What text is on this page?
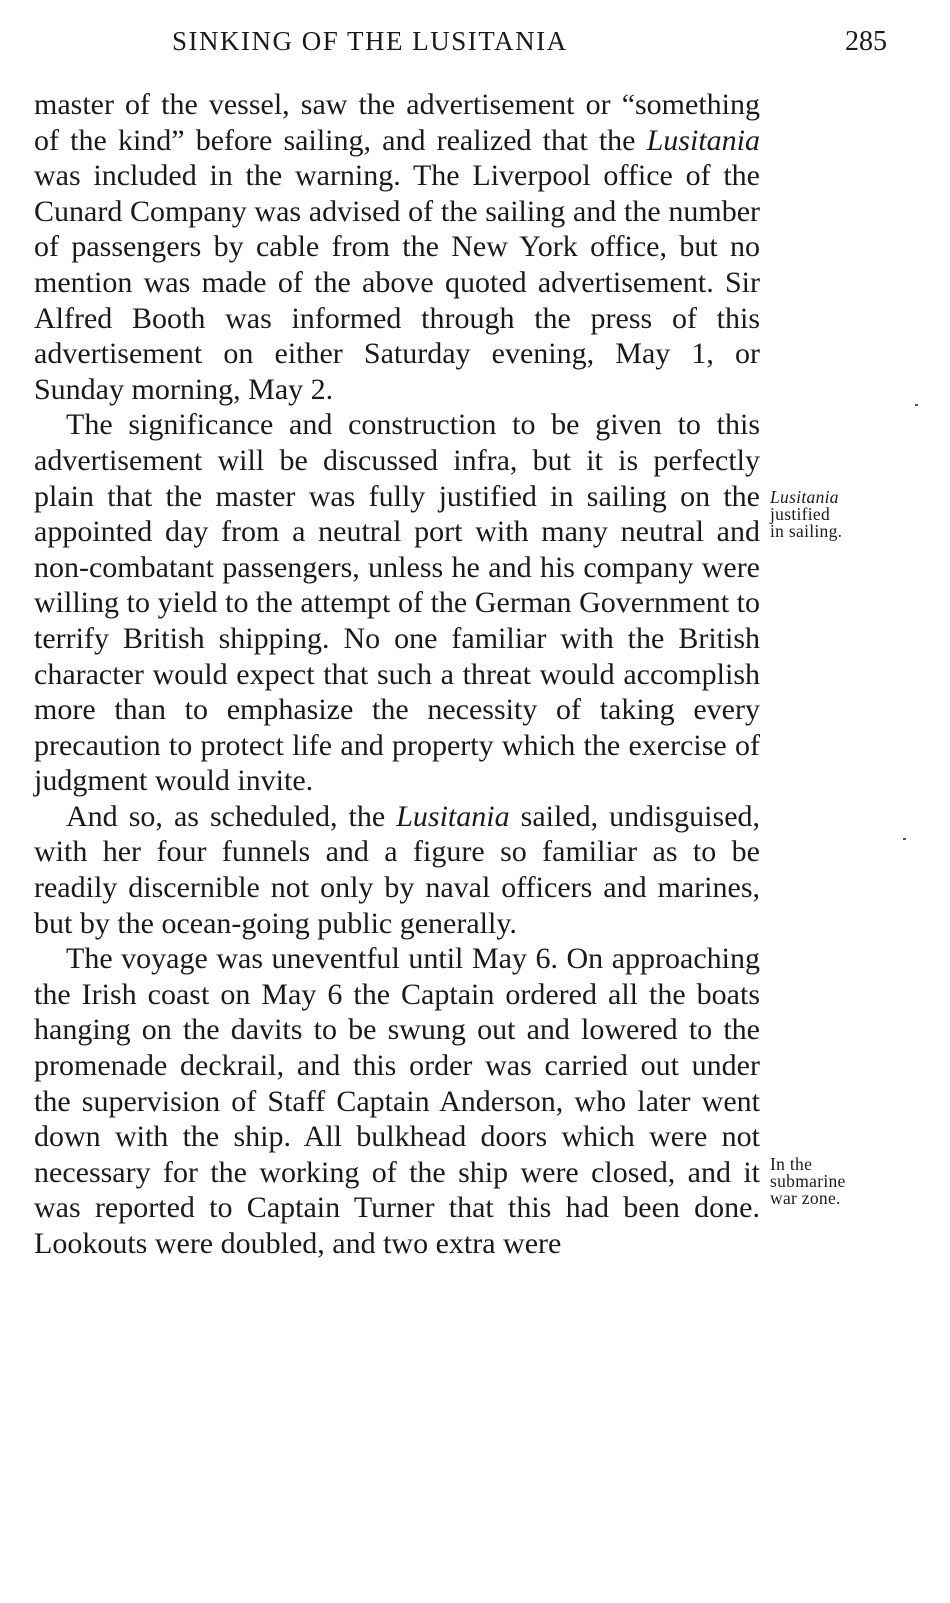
SINKING OF THE LUSITANIA	285

master of the vessel, saw the advertisement or “something of the kind” before sailing, and realized that the Lusitania was included in the warning. The Liverpool office of the Cunard Company was advised of the sailing and the number of passengers by cable from the New York office, but no mention was made of the above quoted advertisement. Sir Alfred Booth was informed through the press of this advertisement on either Saturday evening, May 1, or Sunday morning, May 2.

The significance and construction to be given to this advertisement will be discussed infra, but it is perfectly plain that the master was fully justified in sailing on the appointed day from a neutral port with many neutral and non-combatant passengers, unless he and his company were willing to yield to the attempt of the German Government to terrify British shipping. No one familiar with the British character would expect that such a threat would accomplish more than to emphasize the necessity of taking every precaution to protect life and property which the exercise of judgment would invite.

And so, as scheduled, the Lusitania sailed, undisguised, with her four funnels and a figure so familiar as to be readily discernible not only by naval officers and marines, but by the ocean-going public generally.

The voyage was uneventful until May 6. On approaching the Irish coast on May 6 the Captain ordered all the boats hanging on the davits to be swung out and lowered to the promenade deckrail, and this order was carried out under the supervision of Staff Captain Anderson, who later went down with the ship. All bulkhead doors which were not necessary for the working of the ship were closed, and it was reported to Captain Turner that this had been done. Lookouts were doubled, and two extra were

Lusitania
justified
in sailing.
In the
submarine
war zone.
